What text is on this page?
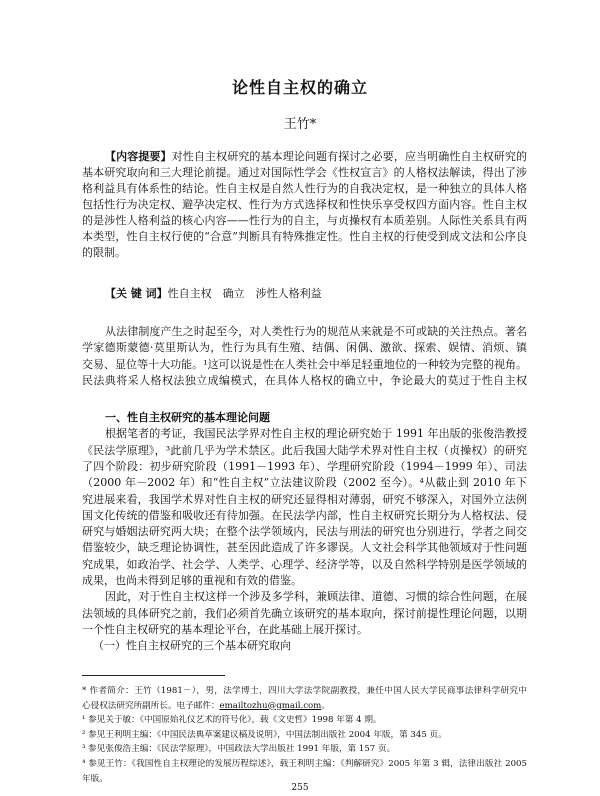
论性自主权的确立
王竹*
【内容提要】对性自主权研究的基本理论问题有探讨之必要，应当明确性自主权研究的
基本研究取向和三大理论前提。通过对国际性学会《性权宣言》的人格权法解读，得出了涉
格利益具有体系性的结论。性自主权是自然人性行为的自我决定权，是一种独立的具体人格
包括性行为决定权、避孕决定权、性行为方式选择权和性快乐享受权四方面内容。性自主权
的是涉性人格利益的核心内容——性行为的自主，与贞操权有本质差别。人际性关系具有两
本类型，性自主权行使的“合意”判断具有特殊推定性。性自主权的行使受到成文法和公序良
的限制。
【关 键 词】性自主权　确立　涉性人格利益
从法律制度产生之时起至今，对人类性行为的规范从来就是不可或缺的关注热点。著名
学家德斯蒙德·莫里斯认为，性行为具有生殖、结偶、闲偶、激欲、探索、娱情、消烦、镇
交易、显位等十大功能。¹这可以说是性在人类社会中举足轻重地位的一种较为完整的视角。
民法典将采人格权法独立成编模式，在具体人格权的确立中，争论最大的莫过于性自主权
一、性自主权研究的基本理论问题
根据笔者的考证，我国民法学界对性自主权的理论研究始于 1991 年出版的张俊浩教授
《民法学原理》，³此前几乎为学术禁区。此后我国大陆学术界对性自主权（贞操权）的研究
了四个阶段：初步研究阶段（1991－1993 年）、学理研究阶段（1994－1999 年）、司法
（2000 年－2002 年）和“性自主权”立法建议阶段（2002 至今）。⁴从截止到 2010 年下
究进展来看，我国学术界对性自主权的研究还显得相对薄弱，研究不够深入，对国外立法例
国文化传统的借鉴和吸收还有待加强。在民法学内部，性自主权研究长期分为人格权法、侵
研究与婚姻法研究两大块；在整个法学领域内，民法与刑法的研究也分别进行，学者之间交
借鉴较少，缺乏理论协调性，甚至因此造成了许多谬误。人文社会科学其他领域对于性问题
究成果，如政治学、社会学、人类学、心理学、经济学等，以及自然科学特别是医学领域的
成果，也尚未得到足够的重视和有效的借鉴。
因此，对于性自主权这样一个涉及多学科，兼顾法律、道德、习惯的综合性问题，在展
法领域的具体研究之前，我们必须首先确立该研究的基本取向，探讨前提性理论问题，以期
一个性自主权研究的基本理论平台，在此基础上展开探讨。
（一）性自主权研究的三个基本研究取向
* 作者简介：王竹（1981－），男，法学博士，四川大学法学院副教授，兼任中国人民大学民商事法律科学研究中
心侵权法研究所副所长。电子邮件：emailtozhu@gmail.com。
¹ 参见关于敏：《中国原始礼仪艺术的符号化》，载《文史哲》1998 年第 4 期。
² 参见王利明主编：《中国民法典草案建议稿及说明》，中国法制出版社 2004 年版，第 345 页。
³ 参见张俊浩主编：《民法学原理》，中国政法大学出版社 1991 年版，第 157 页。
⁴ 参见王竹：《我国性自主权理论的发展历程综述》，载王利明主编：《判解研究》2005 年第 3 辑，法律出版社 2005
年版。
255
